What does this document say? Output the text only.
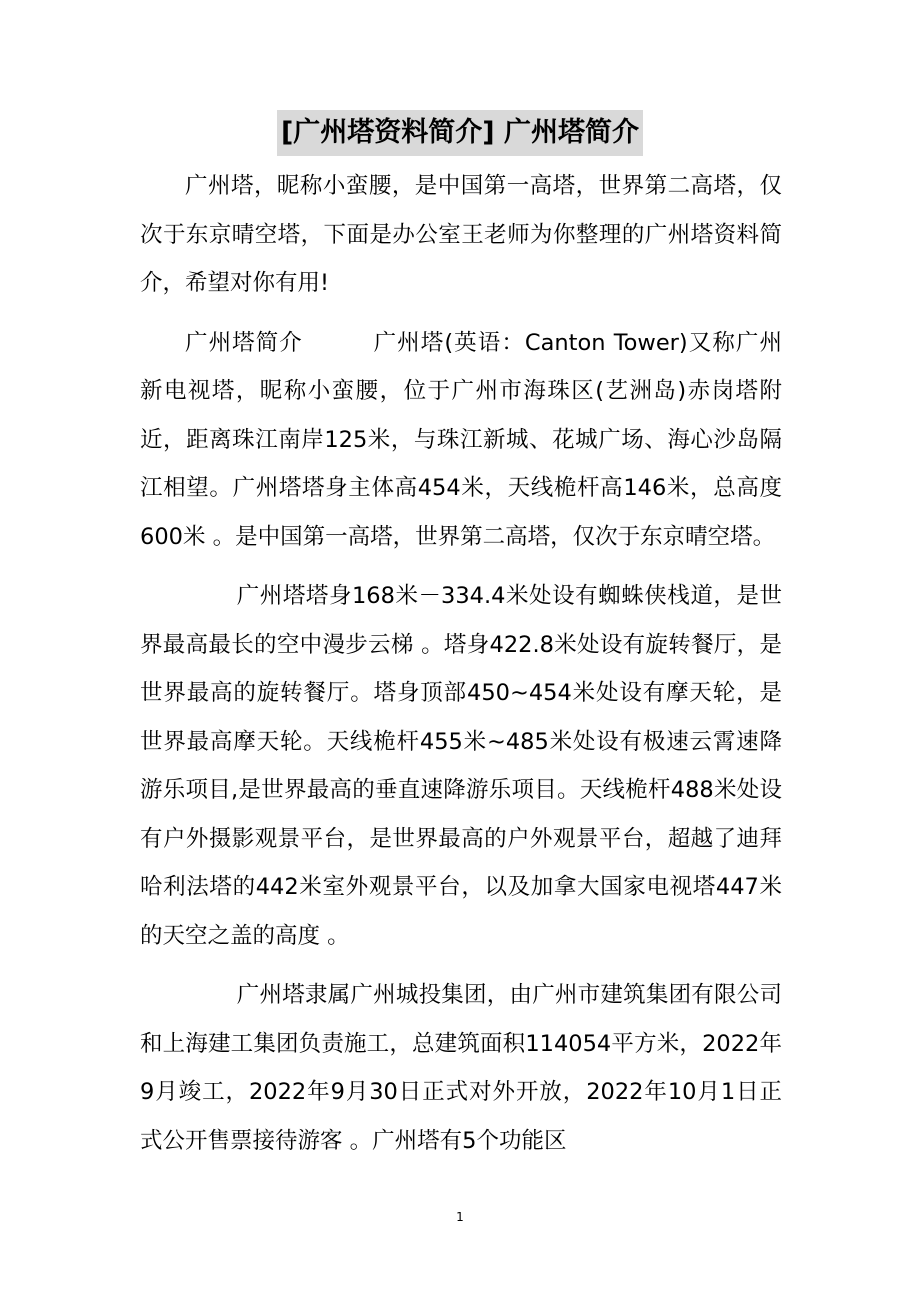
[广州塔资料简介] 广州塔简介

广州塔，昵称小蛮腰，是中国第一高塔，世界第二高塔，仅次于东京晴空塔，下面是办公室王老师为你整理的广州塔资料简介，希望对你有用!

广州塔简介　　　广州塔(英语：Canton Tower)又称广州新电视塔，昵称小蛮腰，位于广州市海珠区(艺洲岛)赤岗塔附近，距离珠江南岸125米，与珠江新城、花城广场、海心沙岛隔江相望。广州塔塔身主体高454米，天线桅杆高146米，总高度600米 。是中国第一高塔，世界第二高塔，仅次于东京晴空塔。

广州塔塔身168米－334.4米处设有蜘蛛侠栈道，是世界最高最长的空中漫步云梯 。塔身422.8米处设有旋转餐厅，是世界最高的旋转餐厅。塔身顶部450~454米处设有摩天轮，是世界最高摩天轮。天线桅杆455米~485米处设有极速云霄速降游乐项目,是世界最高的垂直速降游乐项目。天线桅杆488米处设有户外摄影观景平台，是世界最高的户外观景平台，超越了迪拜哈利法塔的442米室外观景平台，以及加拿大国家电视塔447米的天空之盖的高度 。

广州塔隶属广州城投集团，由广州市建筑集团有限公司和上海建工集团负责施工，总建筑面积114054平方米，2022年9月竣工，2022年9月30日正式对外开放，2022年10月1日正式公开售票接待游客 。广州塔有5个功能区

1
